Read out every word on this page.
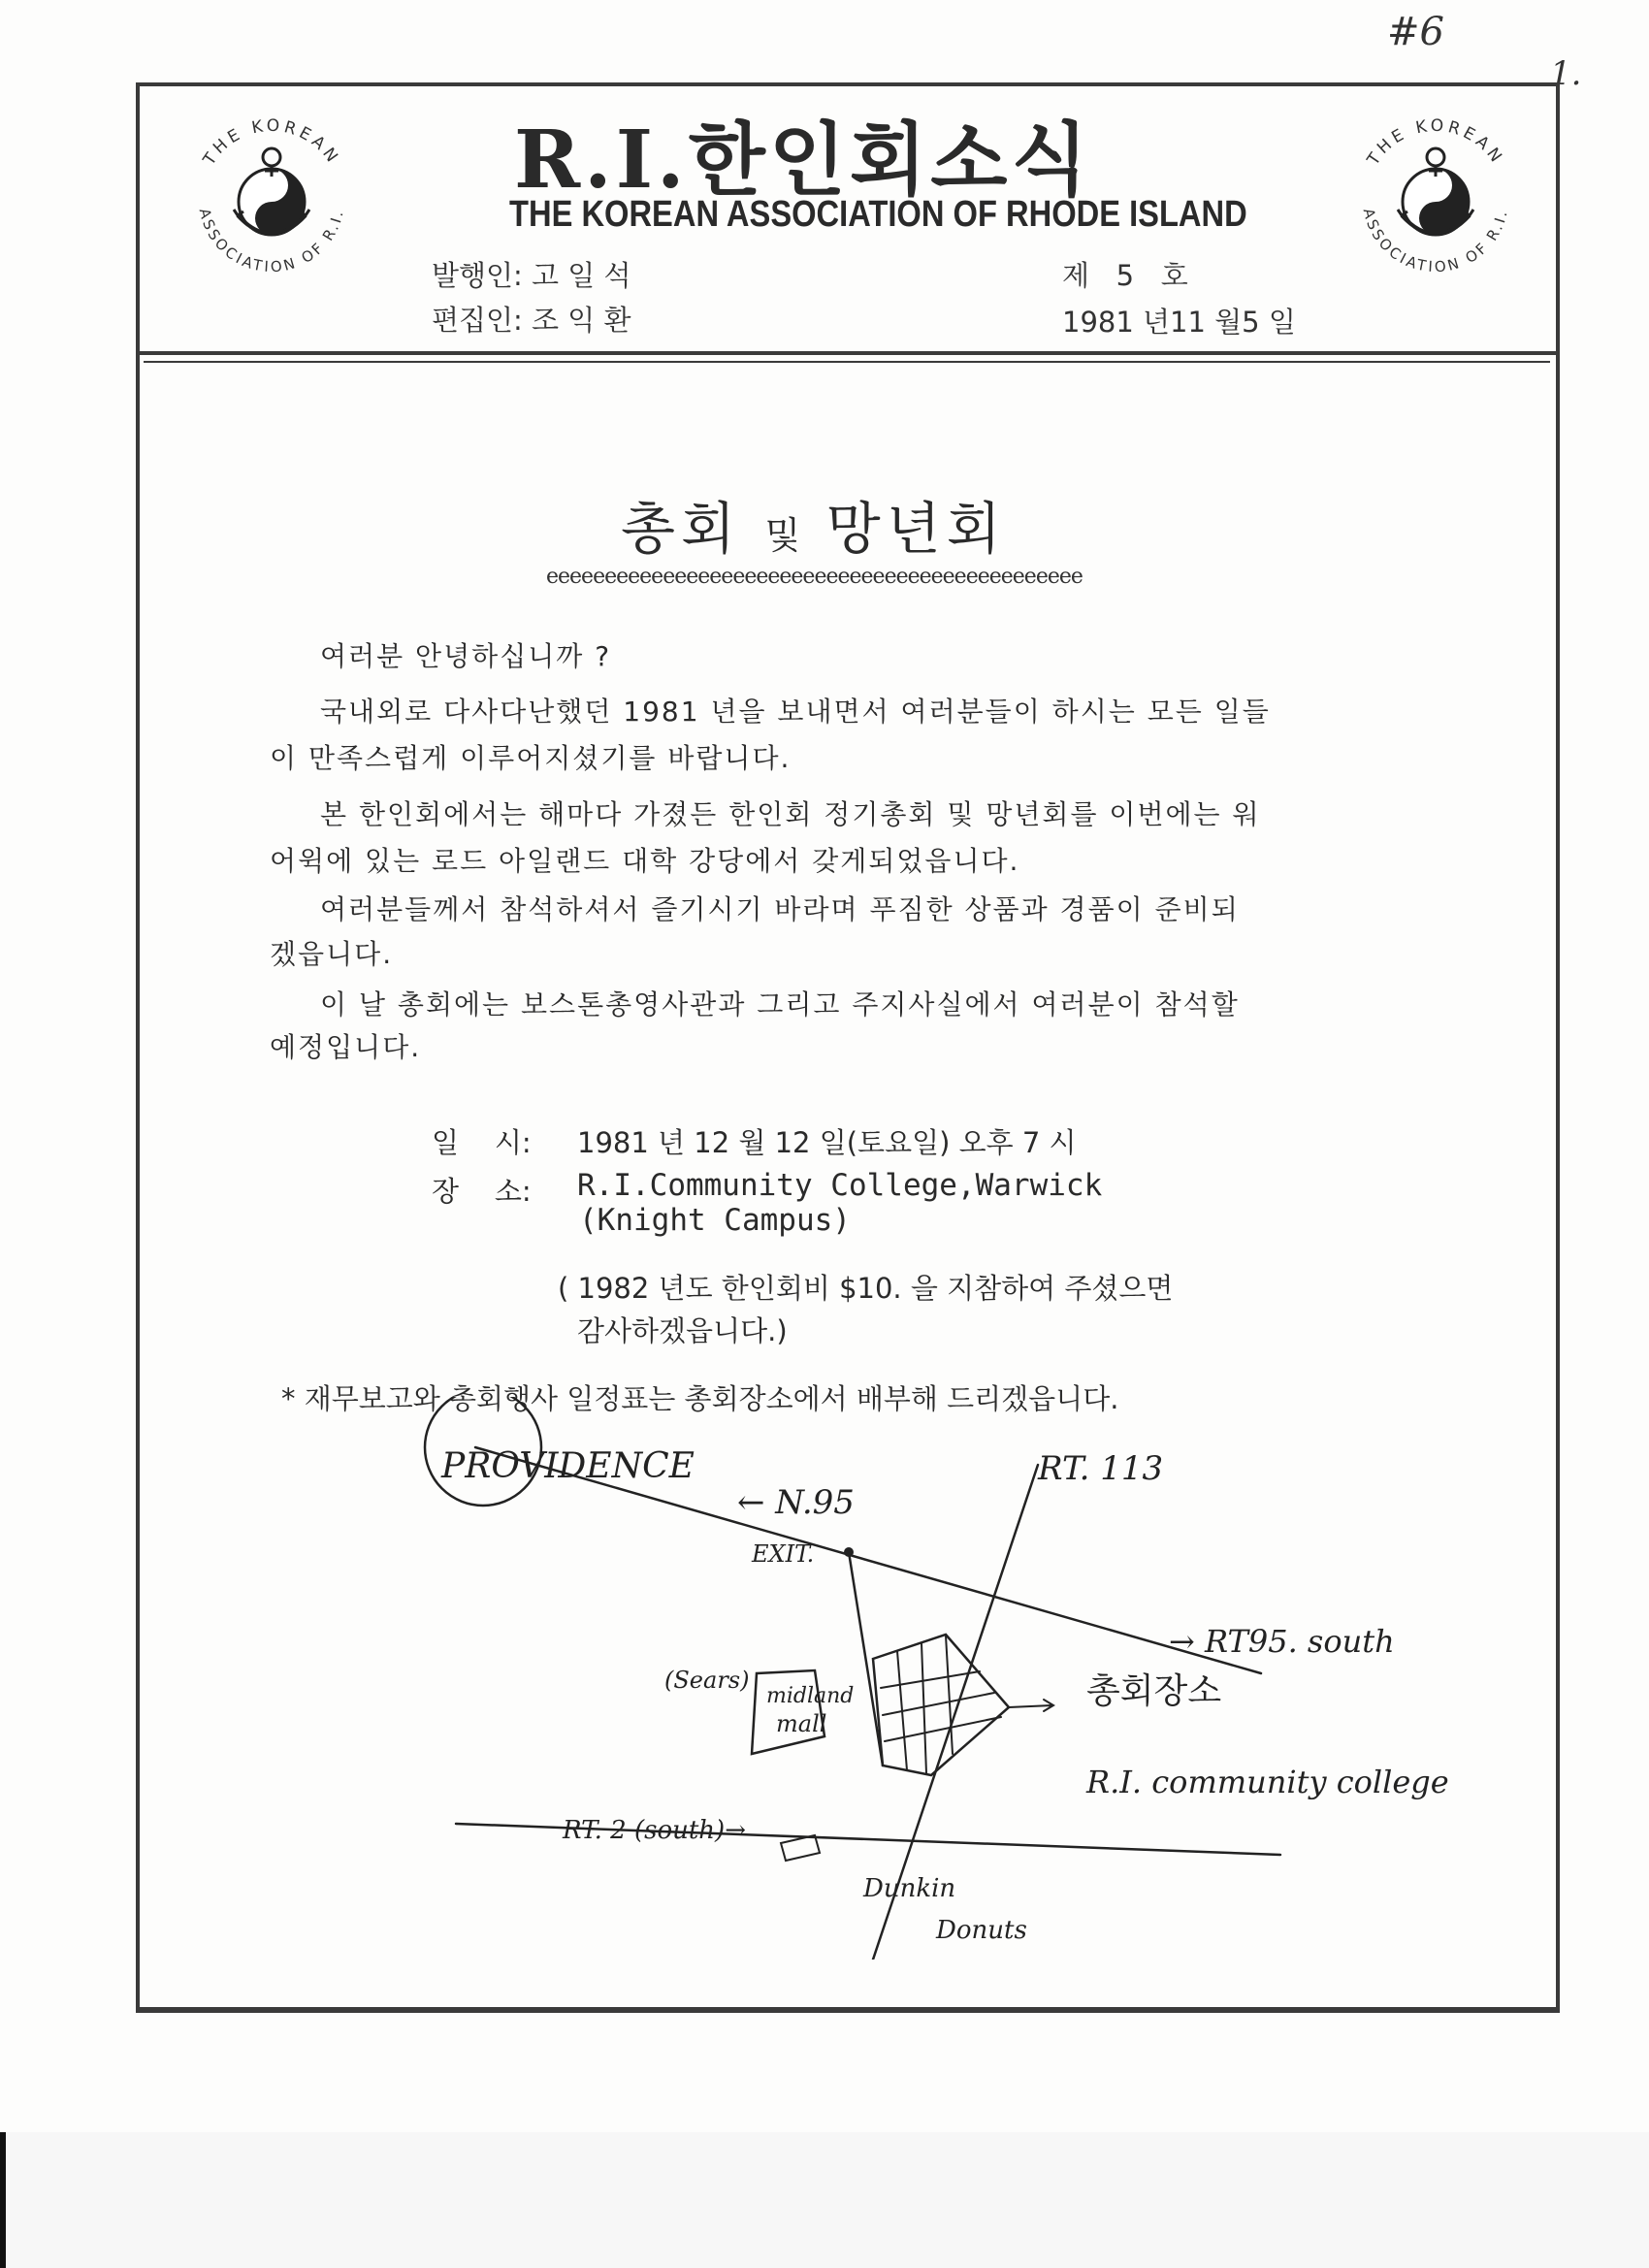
#6
1.
THE KOREAN
ASSOCIATION OF R.I.
THE KOREAN
ASSOCIATION OF R.I.
R.I.한인회소식
THE KOREAN ASSOCIATION OF RHODE ISLAND
발행인: 고 일 석
편집인: 조 익 환
제   5   호
1981 년11 월5 일
총회 및 망년회
eeeeeeeeeeeeeeeeeeeeeeeeeeeeeeeeeeeeeeeeeeeeee
여러분 안녕하십니까 ?
국내외로 다사다난했던 1981 년을 보내면서 여러분들이 하시는 모든 일들
이 만족스럽게 이루어지셨기를 바랍니다.
본 한인회에서는 해마다 가졌든 한인회 정기총회 및 망년회를 이번에는 워
어윅에 있는 로드 아일랜드 대학 강당에서 갖게되었읍니다.
여러분들께서 참석하셔서 즐기시기 바라며 푸짐한 상품과 경품이 준비되
겠읍니다.
이 날 총회에는 보스톤총영사관과 그리고 주지사실에서 여러분이 참석할
예정입니다.
일    시: 1981 년 12 월 12 일(토요일) 오후 7 시
장    소: R.I.Community College,Warwick
(Knight Campus)
( 1982 년도 한인회비 $10. 을 지참하여 주셨으면
감사하겠읍니다.)
* 재무보고와 총회행사 일정표는 총회장소에서 배부해 드리겠읍니다.
PROVIDENCE
← N.95
RT. 113
EXIT.
→ RT95. south
(Sears)
midland
mall
총회장소
R.I. community college
RT. 2 (south)→
Dunkin
Donuts
